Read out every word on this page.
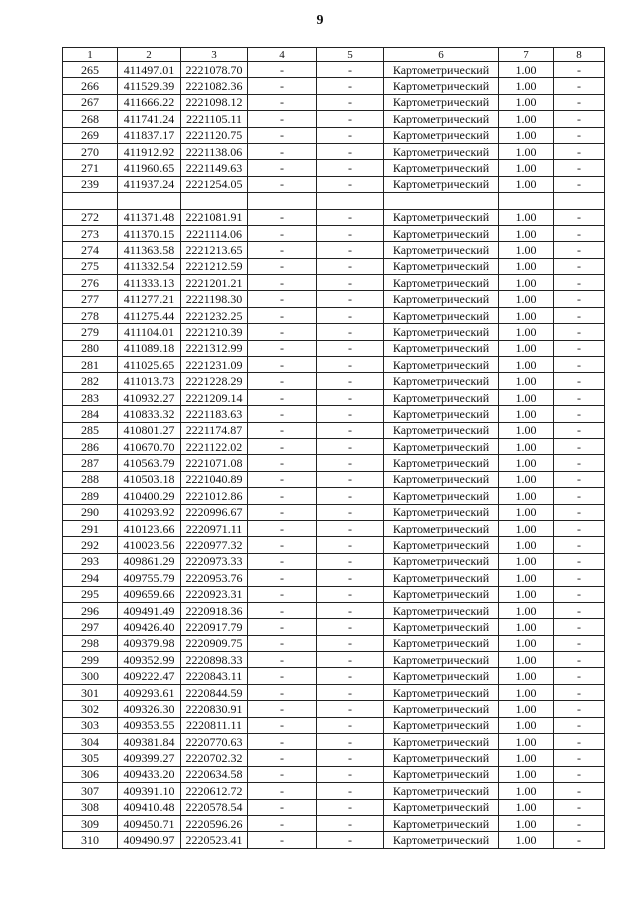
9
1	2	3	4	5	6	7	8
265	411497.01	2221078.70	-	-	Картометрический	1.00	-
266	411529.39	2221082.36	-	-	Картометрический	1.00	-
267	411666.22	2221098.12	-	-	Картометрический	1.00	-
268	411741.24	2221105.11	-	-	Картометрический	1.00	-
269	411837.17	2221120.75	-	-	Картометрический	1.00	-
270	411912.92	2221138.06	-	-	Картометрический	1.00	-
271	411960.65	2221149.63	-	-	Картометрический	1.00	-
239	411937.24	2221254.05	-	-	Картометрический	1.00	-

272	411371.48	2221081.91	-	-	Картометрический	1.00	-
273	411370.15	2221114.06	-	-	Картометрический	1.00	-
274	411363.58	2221213.65	-	-	Картометрический	1.00	-
275	411332.54	2221212.59	-	-	Картометрический	1.00	-
276	411333.13	2221201.21	-	-	Картометрический	1.00	-
277	411277.21	2221198.30	-	-	Картометрический	1.00	-
278	411275.44	2221232.25	-	-	Картометрический	1.00	-
279	411104.01	2221210.39	-	-	Картометрический	1.00	-
280	411089.18	2221312.99	-	-	Картометрический	1.00	-
281	411025.65	2221231.09	-	-	Картометрический	1.00	-
282	411013.73	2221228.29	-	-	Картометрический	1.00	-
283	410932.27	2221209.14	-	-	Картометрический	1.00	-
284	410833.32	2221183.63	-	-	Картометрический	1.00	-
285	410801.27	2221174.87	-	-	Картометрический	1.00	-
286	410670.70	2221122.02	-	-	Картометрический	1.00	-
287	410563.79	2221071.08	-	-	Картометрический	1.00	-
288	410503.18	2221040.89	-	-	Картометрический	1.00	-
289	410400.29	2221012.86	-	-	Картометрический	1.00	-
290	410293.92	2220996.67	-	-	Картометрический	1.00	-
291	410123.66	2220971.11	-	-	Картометрический	1.00	-
292	410023.56	2220977.32	-	-	Картометрический	1.00	-
293	409861.29	2220973.33	-	-	Картометрический	1.00	-
294	409755.79	2220953.76	-	-	Картометрический	1.00	-
295	409659.66	2220923.31	-	-	Картометрический	1.00	-
296	409491.49	2220918.36	-	-	Картометрический	1.00	-
297	409426.40	2220917.79	-	-	Картометрический	1.00	-
298	409379.98	2220909.75	-	-	Картометрический	1.00	-
299	409352.99	2220898.33	-	-	Картометрический	1.00	-
300	409222.47	2220843.11	-	-	Картометрический	1.00	-
301	409293.61	2220844.59	-	-	Картометрический	1.00	-
302	409326.30	2220830.91	-	-	Картометрический	1.00	-
303	409353.55	2220811.11	-	-	Картометрический	1.00	-
304	409381.84	2220770.63	-	-	Картометрический	1.00	-
305	409399.27	2220702.32	-	-	Картометрический	1.00	-
306	409433.20	2220634.58	-	-	Картометрический	1.00	-
307	409391.10	2220612.72	-	-	Картометрический	1.00	-
308	409410.48	2220578.54	-	-	Картометрический	1.00	-
309	409450.71	2220596.26	-	-	Картометрический	1.00	-
310	409490.97	2220523.41	-	-	Картометрический	1.00	-
